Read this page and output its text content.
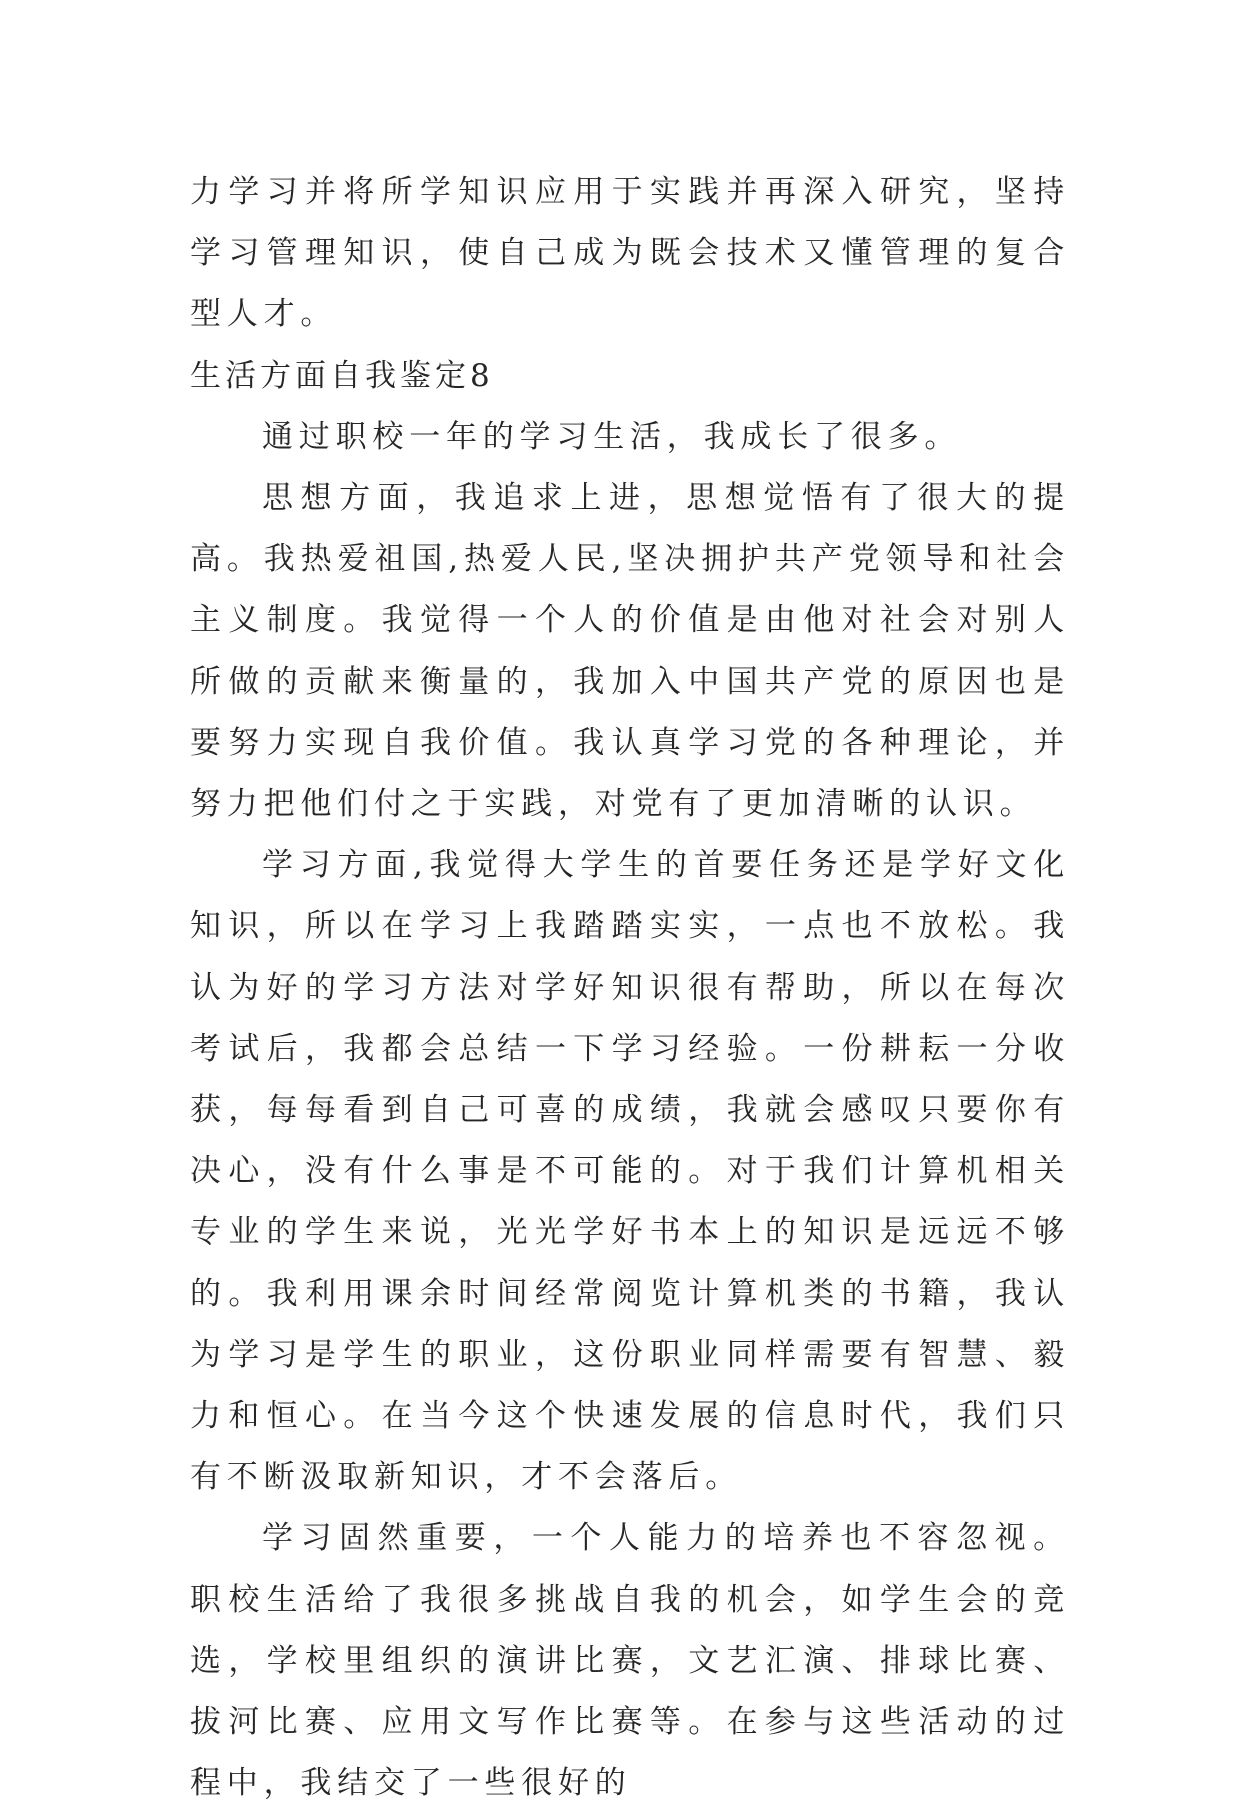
力学习并将所学知识应用于实践并再深入研究，坚持学习管理知识，使自己成为既会技术又懂管理的复合型人才。

生活方面自我鉴定8

通过职校一年的学习生活，我成长了很多。

思想方面，我追求上进，思想觉悟有了很大的提高。我热爱祖国,热爱人民,坚决拥护共产党领导和社会主义制度。我觉得一个人的价值是由他对社会对别人所做的贡献来衡量的，我加入中国共产党的原因也是要努力实现自我价值。我认真学习党的各种理论，并努力把他们付之于实践，对党有了更加清晰的认识。

学习方面,我觉得大学生的首要任务还是学好文化知识，所以在学习上我踏踏实实，一点也不放松。我认为好的学习方法对学好知识很有帮助，所以在每次考试后，我都会总结一下学习经验。一份耕耘一分收获，每每看到自己可喜的成绩，我就会感叹只要你有决心，没有什么事是不可能的。对于我们计算机相关专业的学生来说，光光学好书本上的知识是远远不够的。我利用课余时间经常阅览计算机类的书籍，我认为学习是学生的职业，这份职业同样需要有智慧、毅力和恒心。在当今这个快速发展的信息时代，我们只有不断汲取新知识，才不会落后。

学习固然重要，一个人能力的培养也不容忽视。职校生活给了我很多挑战自我的机会，如学生会的竞选，学校里组织的演讲比赛，文艺汇演、排球比赛、拔河比赛、应用文写作比赛等。在参与这些活动的过程中，我结交了一些很好的
